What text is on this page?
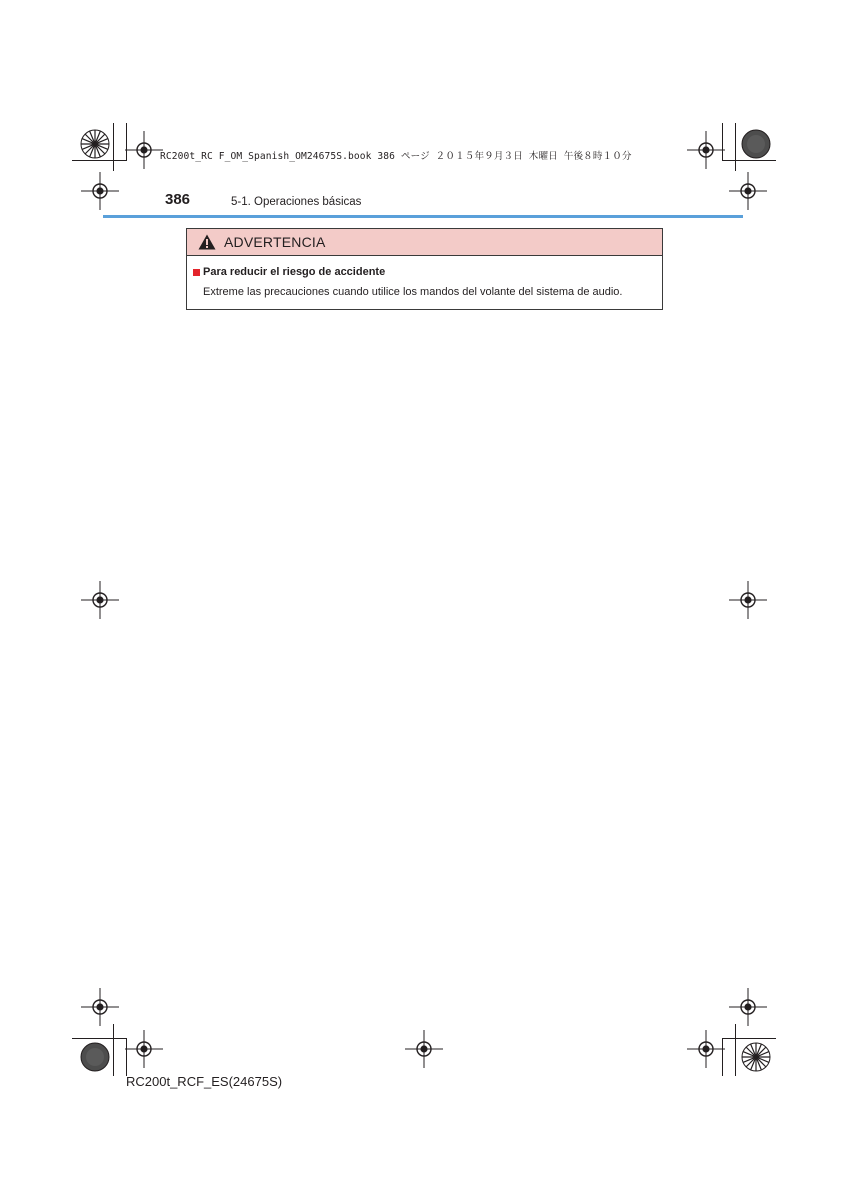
RC200t_RC F_OM_Spanish_OM24675S.book 386 ページ ２０１５年９月３日 木曜日 午後８時１０分
386	5-1. Operaciones básicas
ADVERTENCIA
Para reducir el riesgo de accidente
Extreme las precauciones cuando utilice los mandos del volante del sistema de audio.
RC200t_RCF_ES(24675S)
